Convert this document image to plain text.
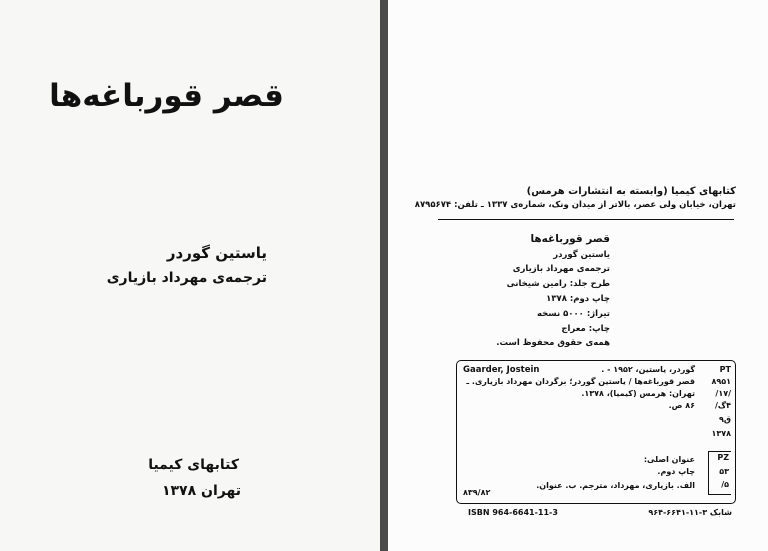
قصر قورباغه‌ها
یاستین گوردر
ترجمه‌ی مهرداد بازیاری
کتابهای کیمیا
تهران ۱۳۷۸
کتابهای کیمیا (وابسته به انتشارات هرمس)
تهران، خیابان ولی عصر، بالاتر از میدان ونک، شماره‌ی ۱۳۳۷ ـ تلفن: ۸۷۹۵۶۷۴
قصر قورباغه‌ها
یاستین گوردر
ترجمه‌ی مهرداد بازیاری
طرح جلد: رامین شیخانی
چاپ دوم: ۱۳۷۸
تیراژ: ۵۰۰۰ نسخه
چاپ: معراج
همه‌ی حقوق محفوظ است.
Gaarder, Jostein	گوردر، یاستین، ۱۹۵۲ - .
قصر قورباغه‌ها / یاستین گوردر؛ برگردان مهرداد بازیاری. ـ
تهران: هرمس (کیمیا)، ۱۳۷۸.
۸۶ ص.
PT
۸۹۵۱
/۱۷/
۴گ/
ق۹
۱۳۷۸
PZ
۵۳
/۵
عنوان اصلی:
چاپ دوم.
الف. بازیاری، مهرداد، مترجم. ب. عنوان.
۸۳۹/۸۲
ISBN 964-6641-11-3	شابک ۳-۱۱-۶۶۴۱-۹۶۴
